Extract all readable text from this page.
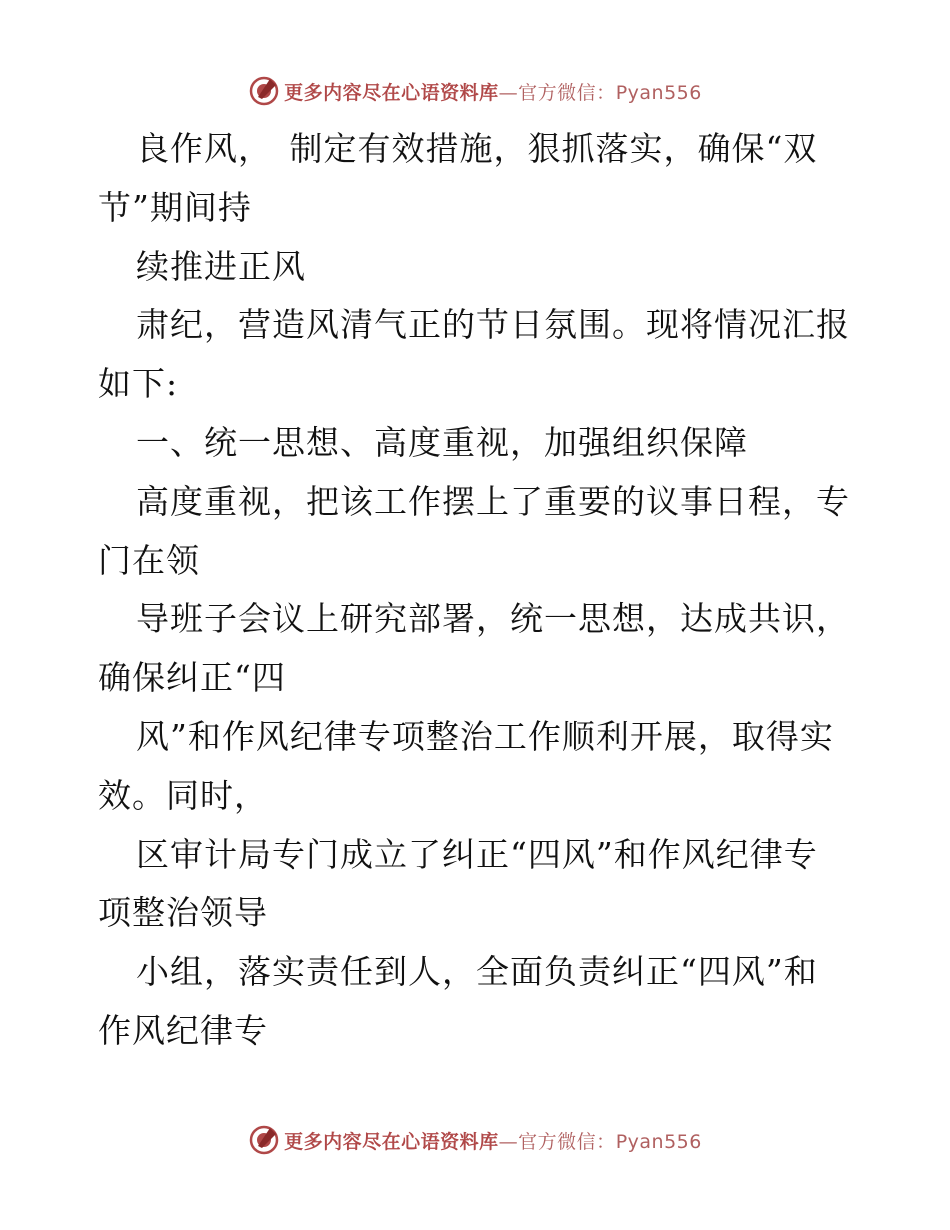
更多内容尽在心语资料库—官方微信：Pyan556
良作风，　制定有效措施，狠抓落实，确保“双
节”期间持
续推进正风
肃纪，营造风清气正的节日氛围。现将情况汇报
如下:
一、统一思想、高度重视，加强组织保障
高度重视，把该工作摆上了重要的议事日程，专
门在领
导班子会议上研究部署，统一思想，达成共识，
确保纠正“四
风”和作风纪律专项整治工作顺利开展，取得实
效。同时，
区审计局专门成立了纠正“四风”和作风纪律专
项整治领导
小组，落实责任到人，全面负责纠正“四风”和
作风纪律专
更多内容尽在心语资料库—官方微信：Pyan556
